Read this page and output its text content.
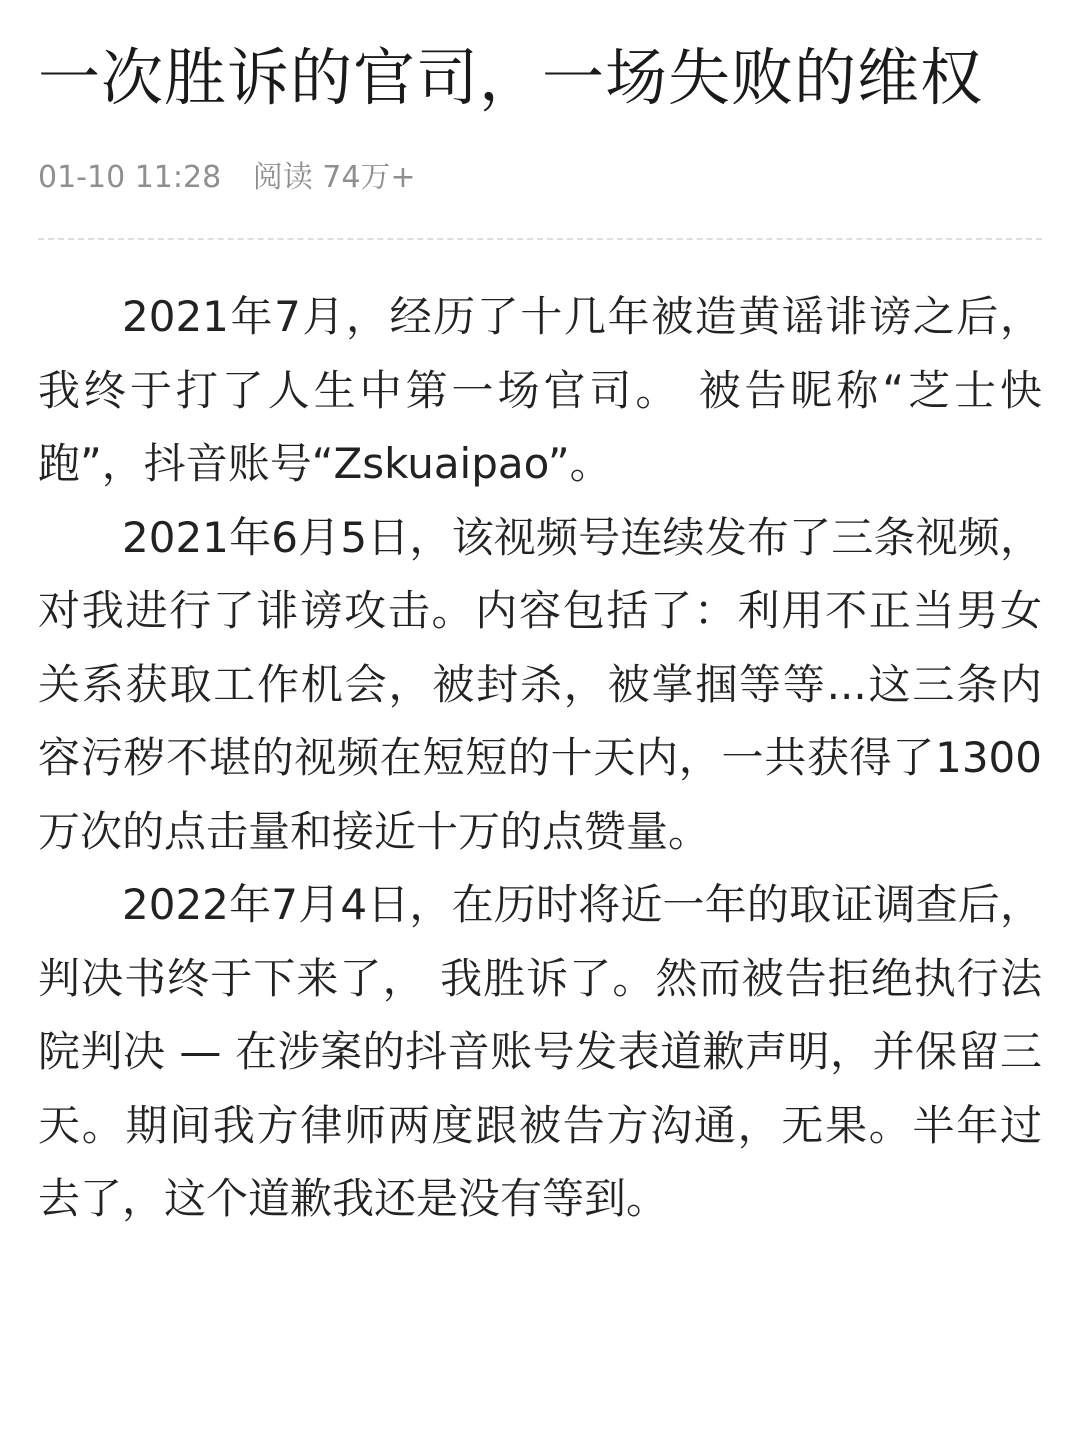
一次胜诉的官司，一场失败的维权
01-10 11:28 阅读 74万+

2021年7月，经历了十几年被造黄谣诽谤之后， 我终于打了人生中第一场官司。 被告昵称“芝士快跑”，抖音账号“Zskuaipao”。

2021年6月5日，该视频号连续发布了三条视频，对我进行了诽谤攻击。内容包括了：利用不正当男女关系获取工作机会，被封杀，被掌掴等等...这三条内容污秽不堪的视频在短短的十天内，一共获得了1300万次的点击量和接近十万的点赞量。

2022年7月4日，在历时将近一年的取证调查后，判决书终于下来了， 我胜诉了。然而被告拒绝执行法院判决 — 在涉案的抖音账号发表道歉声明，并保留三天。期间我方律师两度跟被告方沟通，无果。半年过去了，这个道歉我还是没有等到。
